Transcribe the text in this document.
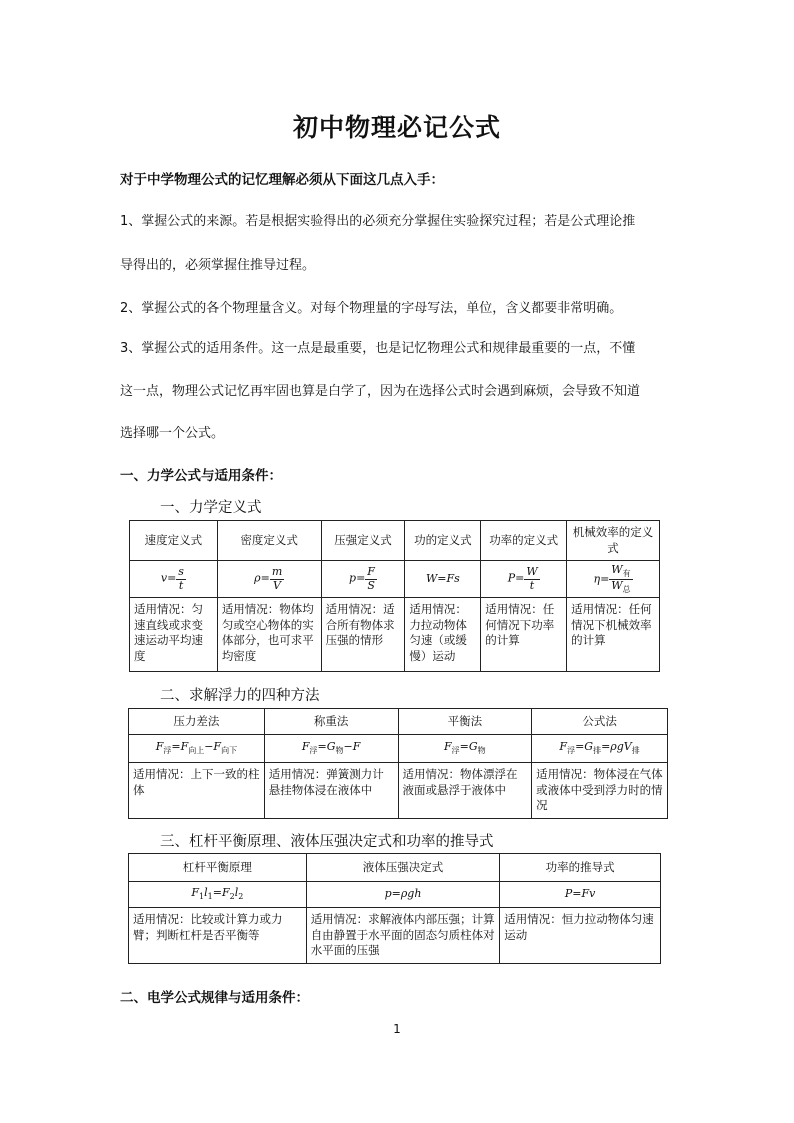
初中物理必记公式
对于中学物理公式的记忆理解必须从下面这几点入手：
1、掌握公式的来源。若是根据实验得出的必须充分掌握住实验探究过程；若是公式理论推
导得出的，必须掌握住推导过程。
2、掌握公式的各个物理量含义。对每个物理量的字母写法，单位，含义都要非常明确。
3、掌握公式的适用条件。这一点是最重要，也是记忆物理公式和规律最重要的一点，不懂
这一点，物理公式记忆再牢固也算是白学了，因为在选择公式时会遇到麻烦，会导致不知道
选择哪一个公式。
一、力学公式与适用条件：
一、力学定义式
速度定义式	密度定义式	压强定义式	功的定义式	功率的定义式	机械效率的定义式
$v= \frac{s}{t}$	$\rho= \frac{m}{V}$	$p= \frac{F}{S}$	W=Fs	$P= \frac{W}{t}$	$\eta= \frac{W_有}{W_总}$

适用情况：匀速直线或求变速运动平均速度	适用情况：物体均匀或空心物体的实体部分，也可求平均密度	适用情况：适合所有物体求压强的情形	适用情况：力拉动物体匀速（或缓慢）运动	适用情况：任何情况下功率的计算	适用情况：任何情况下机械效率的计算
二、求解浮力的四种方法
压力差法	称重法	平衡法	公式法
$F_浮=F_{向上}-F_{向下}$	$F_浮=G_物-F$	$F_浮=G_物$	$F_浮=G_排=\rho gV_排$
适用情况：上下一致的柱体	适用情况：弹簧测力计悬挂物体浸在液体中	适用情况：物体漂浮在液面或悬浮于液体中	适用情况：物体浸在气体或液体中受到浮力时的情况
三、杠杆平衡原理、液体压强决定式和功率的推导式
杠杆平衡原理	液体压强决定式	功率的推导式
$F_1l_1=F_2l_2$	p=ρgh	P=Fv
适用情况：比较或计算力或力臂；判断杠杆是否平衡等	适用情况：求解液体内部压强；计算自由静置于水平面的固态匀质柱体对水平面的压强	适用情况：恒力拉动物体匀速运动
二、电学公式规律与适用条件：
1
